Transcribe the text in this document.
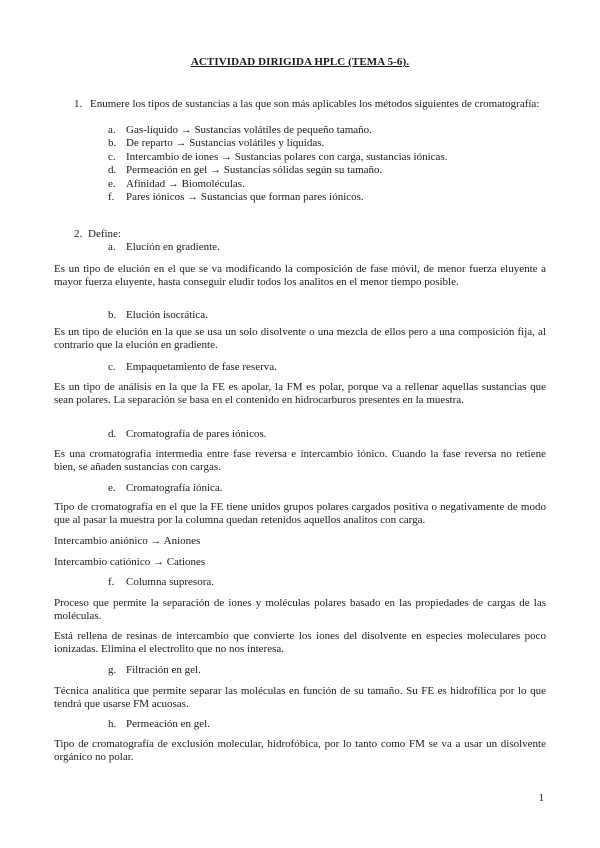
ACTIVIDAD DIRIGIDA HPLC (TEMA 5-6).
1. Enumere los tipos de sustancias a las que son más aplicables los métodos siguientes de cromatografía:
a. Gas-líquido → Sustancias volátiles de pequeño tamaño.
b. De reparto → Sustancias volátiles y líquidas.
c. Intercambio de iones → Sustancias polares con carga, sustancias iónicas.
d. Permeación en gel → Sustancias sólidas según su tamaño.
e. Afinidad → Biomoléculas.
f.	Pares iónicos → Sustancias que forman pares iónicos.
2. Define:
a. Elución en gradiente.
Es un tipo de elución en el que se va modificando la composición de fase móvil, de menor fuerza eluyente a mayor fuerza eluyente, hasta conseguir eludir todos los analitos en el menor tiempo posible.
b. Elución isocrática.
Es un tipo de elución en la que se usa un solo disolvente o una mezcla de ellos pero a una composición fija, al contrario que la elución en gradiente.
c. Empaquetamiento de fase reserva.
Es un tipo de análisis en la que la FE es apolar, la FM es polar, porque va a rellenar aquellas sustancias que sean polares. La separación se basa en el contenido en hidrocarburos presentes en la muestra.
d. Cromatografía de pares iónicos.
Es una cromatografía intermedia entre fase reversa e intercambio iónico. Cuando la fase reversa no retiene bien, se añaden sustancias con cargas.
e. Cromatografía iónica.
Tipo de cromatografía en el que la FE tiene unidos grupos polares cargados positiva o negativamente de modo que al pasar la muestra por la columna quedan retenidos aquellos analitos con carga.
Intercambio aniónico → Aniones
Intercambio catiónico → Cationes
f. Columna supresora.
Proceso que permite la separación de iones y moléculas polares basado en las propiedades de cargas de las moléculas.
Está rellena de resinas de intercambio que convierte los iones del disolvente en especies moleculares poco ionizadas. Elimina el electrolito que no nos interesa.
g. Filtración en gel.
Técnica analítica que permite separar las moléculas en función de su tamaño. Su FE es hidrofílica por lo que tendrá que usarse FM acuosas.
h. Permeación en gel.
Tipo de cromatografía de exclusión molecular, hidrofóbica, por lo tanto como FM se va a usar un disolvente orgánico no polar.
1
